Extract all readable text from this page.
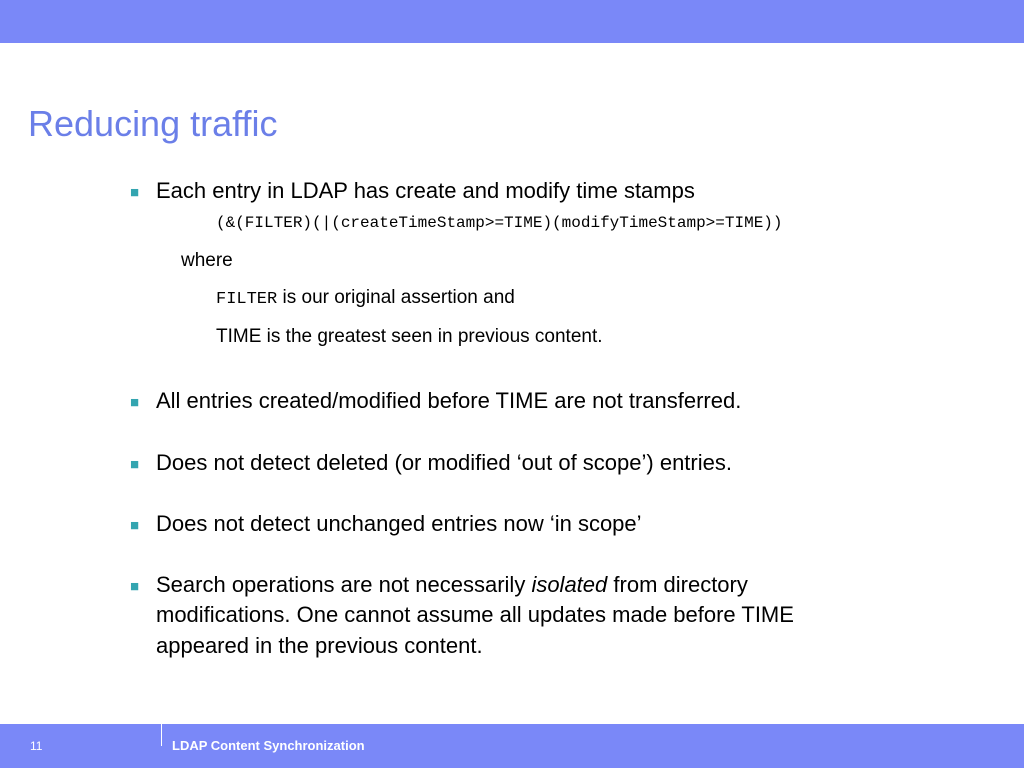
Reducing traffic
■ Each entry in LDAP has create and modify time stamps
(&(FILTER)(|(createTimeStamp>=TIME)(modifyTimeStamp>=TIME))
where
FILTER is our original assertion and
TIME is the greatest seen in previous content.
■ All entries created/modified before TIME are not transferred.
■ Does not detect deleted (or modified ‘out of scope’) entries.
■ Does not detect unchanged entries now ‘in scope’
■ Search operations are not necessarily isolated from directory
modifications. One cannot assume all updates made before TIME
appeared in the previous content.
11	LDAP Content Synchronization
